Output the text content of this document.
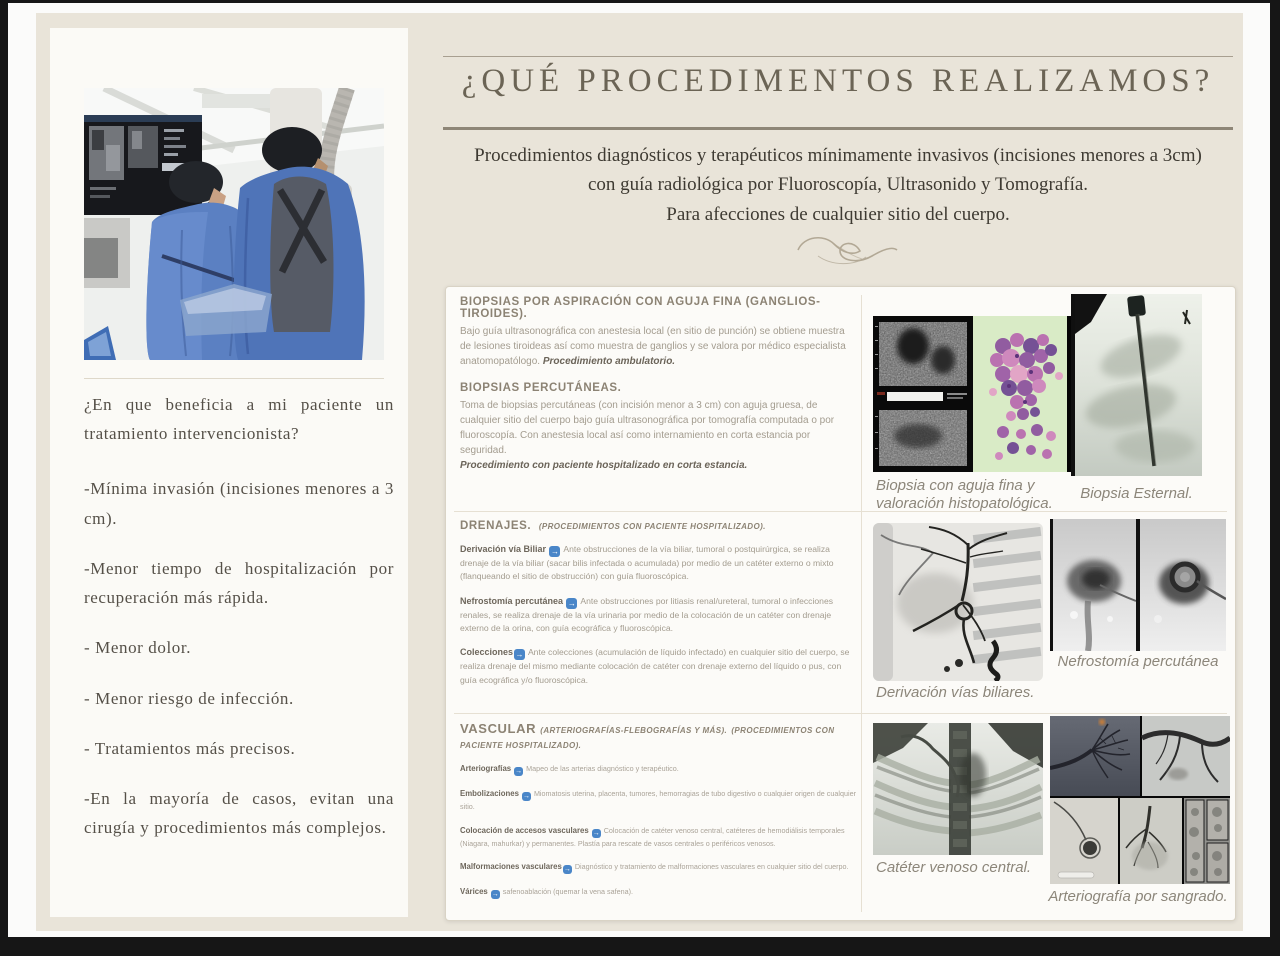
¿En que beneficia a mi paciente un tratamiento intervencionista?

-Mínima invasión (incisiones menores a 3 cm).

-Menor tiempo de hospitalización por recuperación más rápida.

- Menor dolor.

- Menor riesgo de infección.

- Tratamientos más precisos.

-En la mayoría de casos, evitan una cirugía y procedimientos más complejos.

¿QUÉ PROCEDIMENTOS REALIZAMOS?
Procedimientos diagnósticos y terapéuticos mínimamente invasivos (incisiones menores a 3cm)
con guía radiológica por Fluoroscopía, Ultrasonido y Tomografía.
Para afecciones de cualquier sitio del cuerpo.

BIOPSIAS POR ASPIRACIÓN CON AGUJA FINA (GANGLIOS-TIROIDES).

Bajo guía ultrasonográfica con anestesia local (en sitio de punción) se obtiene muestra de lesiones tiroideas así como muestra de ganglios y se valora por médico especialista anatomopatólogo. Procedimiento ambulatorio.

BIOPSIAS PERCUTÁNEAS.

Toma de biopsias percutáneas (con incisión menor a 3 cm) con aguja gruesa, de cualquier sitio del cuerpo bajo guía ultrasonográfica por tomografía computada o por fluoroscopía. Con anestesia local así como internamiento en corta estancia por seguridad.
Procedimiento con paciente hospitalizado en corta estancia.

Biopsia con aguja fina y valoración histopatológica.
Biopsia Esternal.

DRENAJES. (PROCEDIMIENTOS CON PACIENTE HOSPITALIZADO).

Derivación vía Biliar → Ante obstrucciones de la vía biliar, tumoral o postquirúrgica, se realiza drenaje de la vía biliar (sacar bilis infectada o acumulada) por medio de un catéter externo o mixto (flanqueando el sitio de obstrucción) con guía fluoroscópica.

Nefrostomía percutánea → Ante obstrucciones por litiasis renal/ureteral, tumoral o infecciones renales, se realiza drenaje de la vía urinaria por medio de la colocación de un catéter con drenaje externo de la orina, con guía ecográfica y fluoroscópica.

Colecciones → Ante colecciones (acumulación de líquido infectado) en cualquier sitio del cuerpo, se realiza drenaje del mismo mediante colocación de catéter con drenaje externo del líquido o pus, con guía ecográfica y/o fluoroscópica.

Nefrostomía percutánea
Derivación vías biliares.

VASCULAR (ARTERIOGRAFÍAS-FLEBOGRAFÍAS Y MÁS). (PROCEDIMIENTOS CON PACIENTE HOSPITALIZADO).

Arteriografías → Mapeo de las arterias diagnóstico y terapéutico.

Embolizaciones → Miomatosis uterina, placenta, tumores, hemorragias de tubo digestivo o cualquier origen de cualquier sitio.

Colocación de accesos vasculares → Colocación de catéter venoso central, catéteres de hemodiálisis temporales (Niagara, mahurkar) y permanentes. Plastía para rescate de vasos centrales o periféricos venosos.

Malformaciones vasculares → Diagnóstico y tratamiento de malformaciones vasculares en cualquier sitio del cuerpo.

Várices → safenoablación (quemar la vena safena).

Catéter venoso central.
Arteriografía por sangrado.
